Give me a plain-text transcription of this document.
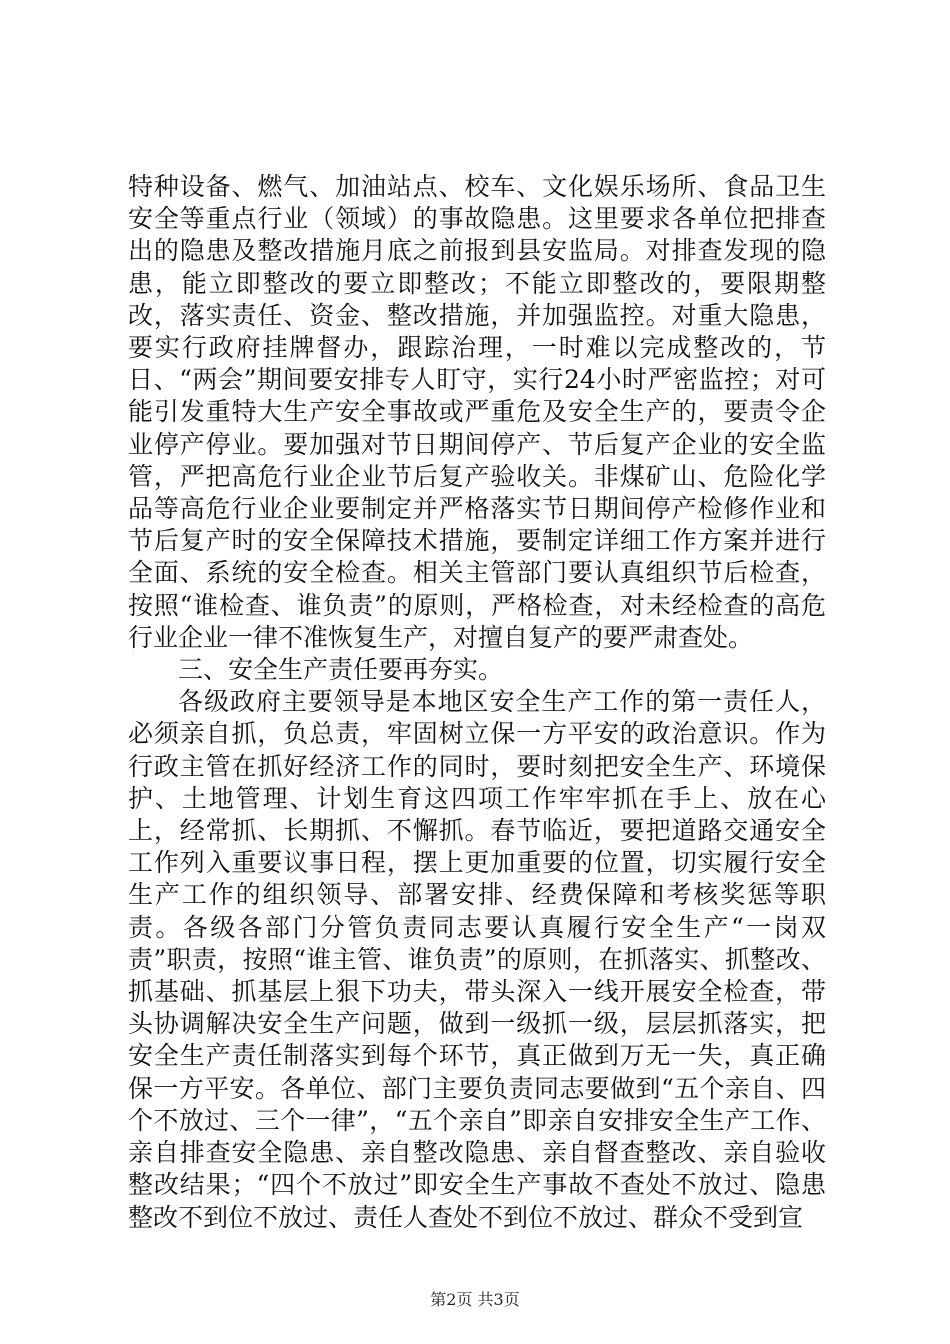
特种设备、燃气、加油站点、校车、文化娱乐场所、食品卫生安全等重点行业（领域）的事故隐患。这里要求各单位把排查出的隐患及整改措施月底之前报到县安监局。对排查发现的隐患，能立即整改的要立即整改；不能立即整改的，要限期整改，落实责任、资金、整改措施，并加强监控。对重大隐患，要实行政府挂牌督办，跟踪治理，一时难以完成整改的，节日、“两会”期间要安排专人盯守，实行24小时严密监控；对可能引发重特大生产安全事故或严重危及安全生产的，要责令企业停产停业。要加强对节日期间停产、节后复产企业的安全监管，严把高危行业企业节后复产验收关。非煤矿山、危险化学品等高危行业企业要制定并严格落实节日期间停产检修作业和节后复产时的安全保障技术措施，要制定详细工作方案并进行全面、系统的安全检查。相关主管部门要认真组织节后检查，按照“谁检查、谁负责”的原则，严格检查，对未经检查的高危行业企业一律不准恢复生产，对擅自复产的要严肃查处。

三、安全生产责任要再夯实。

各级政府主要领导是本地区安全生产工作的第一责任人，必须亲自抓，负总责，牢固树立保一方平安的政治意识。作为行政主管在抓好经济工作的同时，要时刻把安全生产、环境保护、土地管理、计划生育这四项工作牢牢抓在手上、放在心上，经常抓、长期抓、不懈抓。春节临近，要把道路交通安全工作列入重要议事日程，摆上更加重要的位置，切实履行安全生产工作的组织领导、部署安排、经费保障和考核奖惩等职责。各级各部门分管负责同志要认真履行安全生产“一岗双责”职责，按照“谁主管、谁负责”的原则，在抓落实、抓整改、抓基础、抓基层上狠下功夫，带头深入一线开展安全检查，带头协调解决安全生产问题，做到一级抓一级，层层抓落实，把安全生产责任制落实到每个环节，真正做到万无一失，真正确保一方平安。各单位、部门主要负责同志要做到“五个亲自、四个不放过、三个一律”，“五个亲自”即亲自安排安全生产工作、亲自排查安全隐患、亲自整改隐患、亲自督查整改、亲自验收整改结果；“四个不放过”即安全生产事故不查处不放过、隐患整改不到位不放过、责任人查处不到位不放过、群众不受到宣

第2页 共3页
